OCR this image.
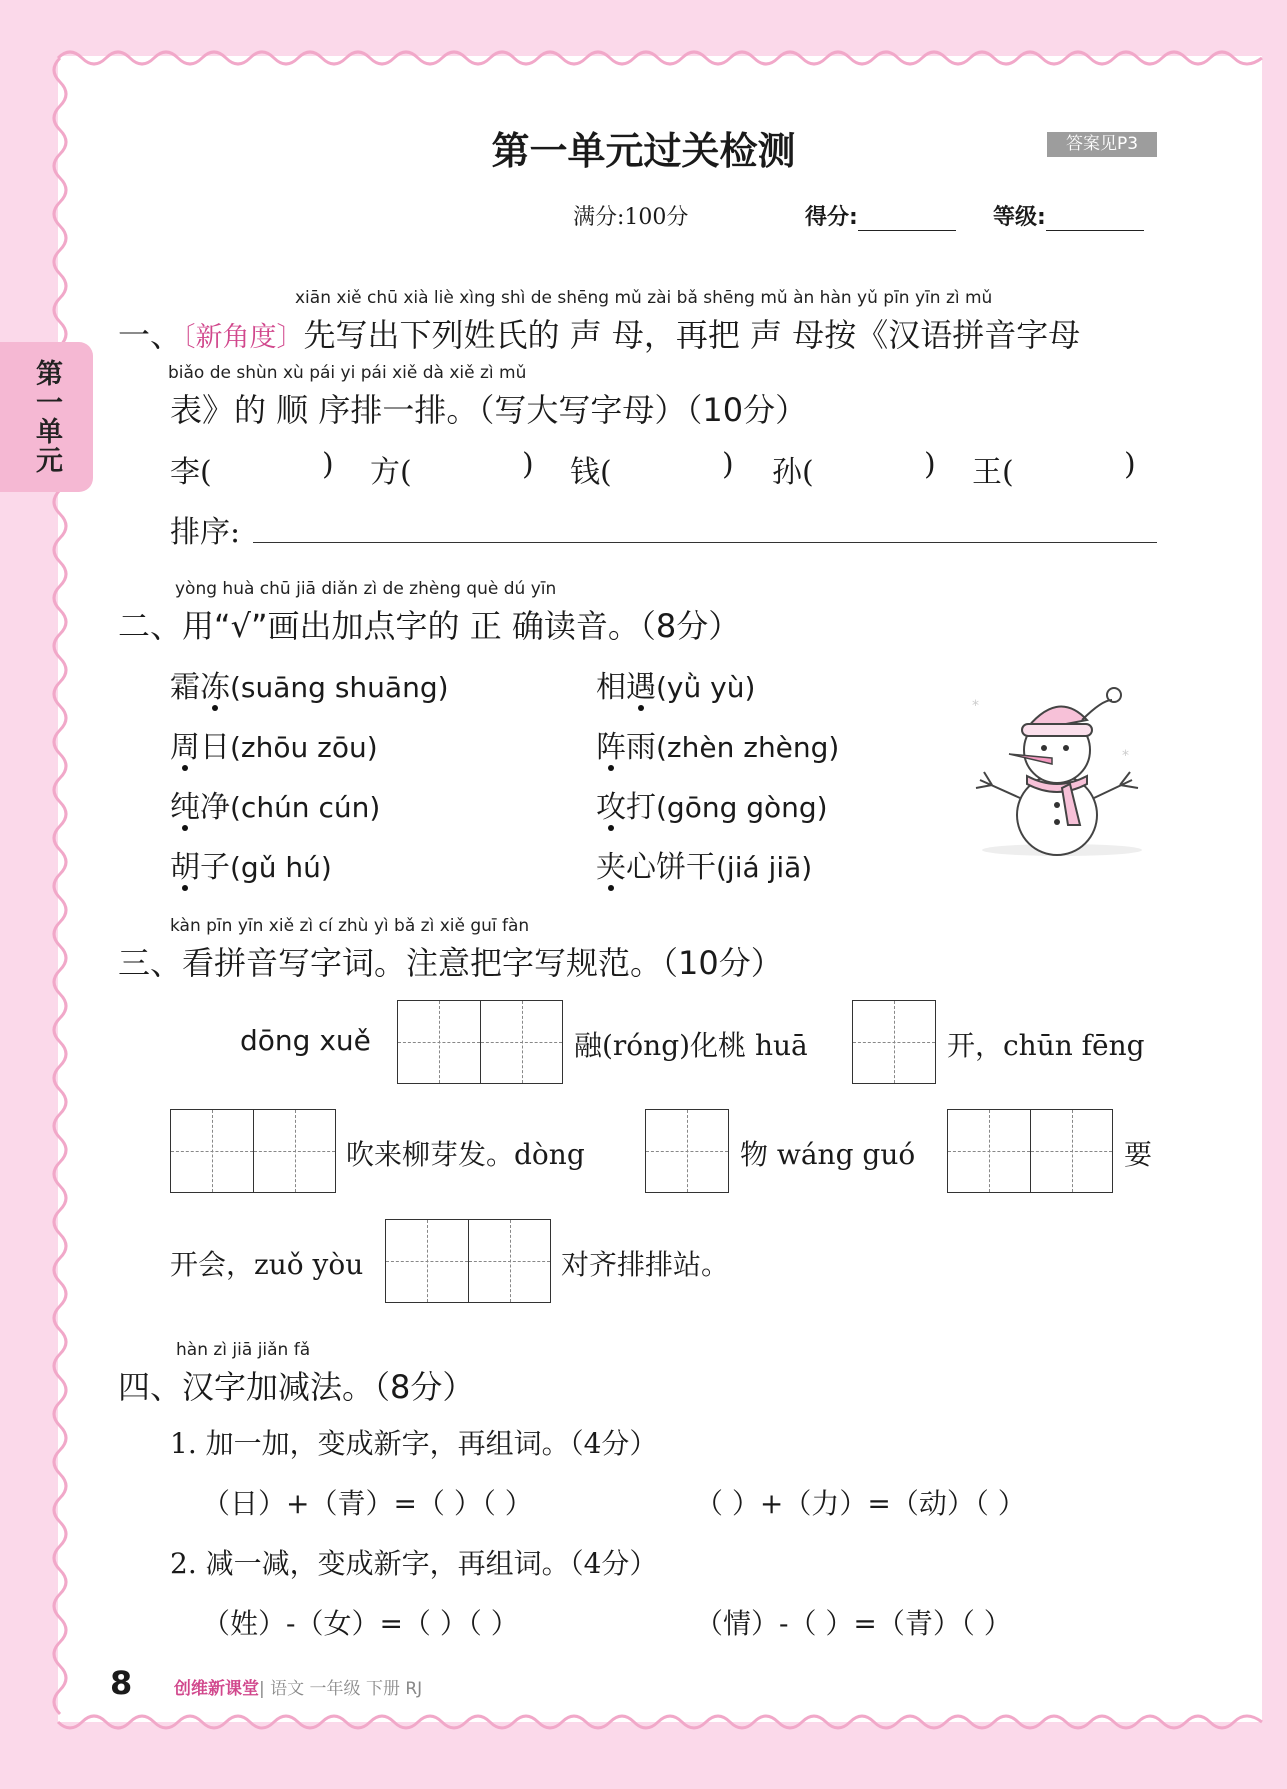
第一单元
第一单元过关检测	答案见P3
满分:100分	得分:	等级:
xiān xiě chū xià liè xìng shì de shēng mǔ zài bǎ shēng mǔ àn hàn yǔ pīn yīn zì mǔ
一、〔新角度〕先写出下列姓氏的 声 母，再把 声 母按《汉语拼音字母
biǎo de shùn xù pái yi pái xiě dà xiě zì mǔ
表》的 顺 序排一排。（写大写字母）（10分）
李(	) 方(	) 钱(	) 孙(	) 王(	)
排序:
yòng huà chū jiā diǎn zì de zhèng què dú yīn
二、用“√”画出加点字的 正 确读音。（8分）
霜冻(suāng shuāng)	相遇(yǜ yù)
周日(zhōu zōu)	阵雨(zhèn zhèng)
纯净(chún cún)	攻打(gōng gòng)
胡子(gǔ hú)	夹心饼干(jiá jiā)
*
*
kàn pīn yīn xiě zì cí zhù yì bǎ zì xiě guī fàn
三、看拼音写字词。注意把字写规范。（10分）
dōng xuě	融(róng)化桃 huā	开，chūn fēng
吹来柳芽发。dòng	物 wáng guó	要
开会，zuǒ yòu	对齐排排站。
hàn zì jiā jiǎn fǎ
四、汉字加减法。（8分）
1. 加一加，变成新字，再组词。（4分）
（日）+（青）=（ ）（ ）	（ ）+（力）=（动）（ ）
2. 减一减，变成新字，再组词。（4分）
（姓）-（女）=（ ）（ ）	（情）-（ ）=（青）（ ）
8 创维新课堂| 语文 一年级 下册 RJ
